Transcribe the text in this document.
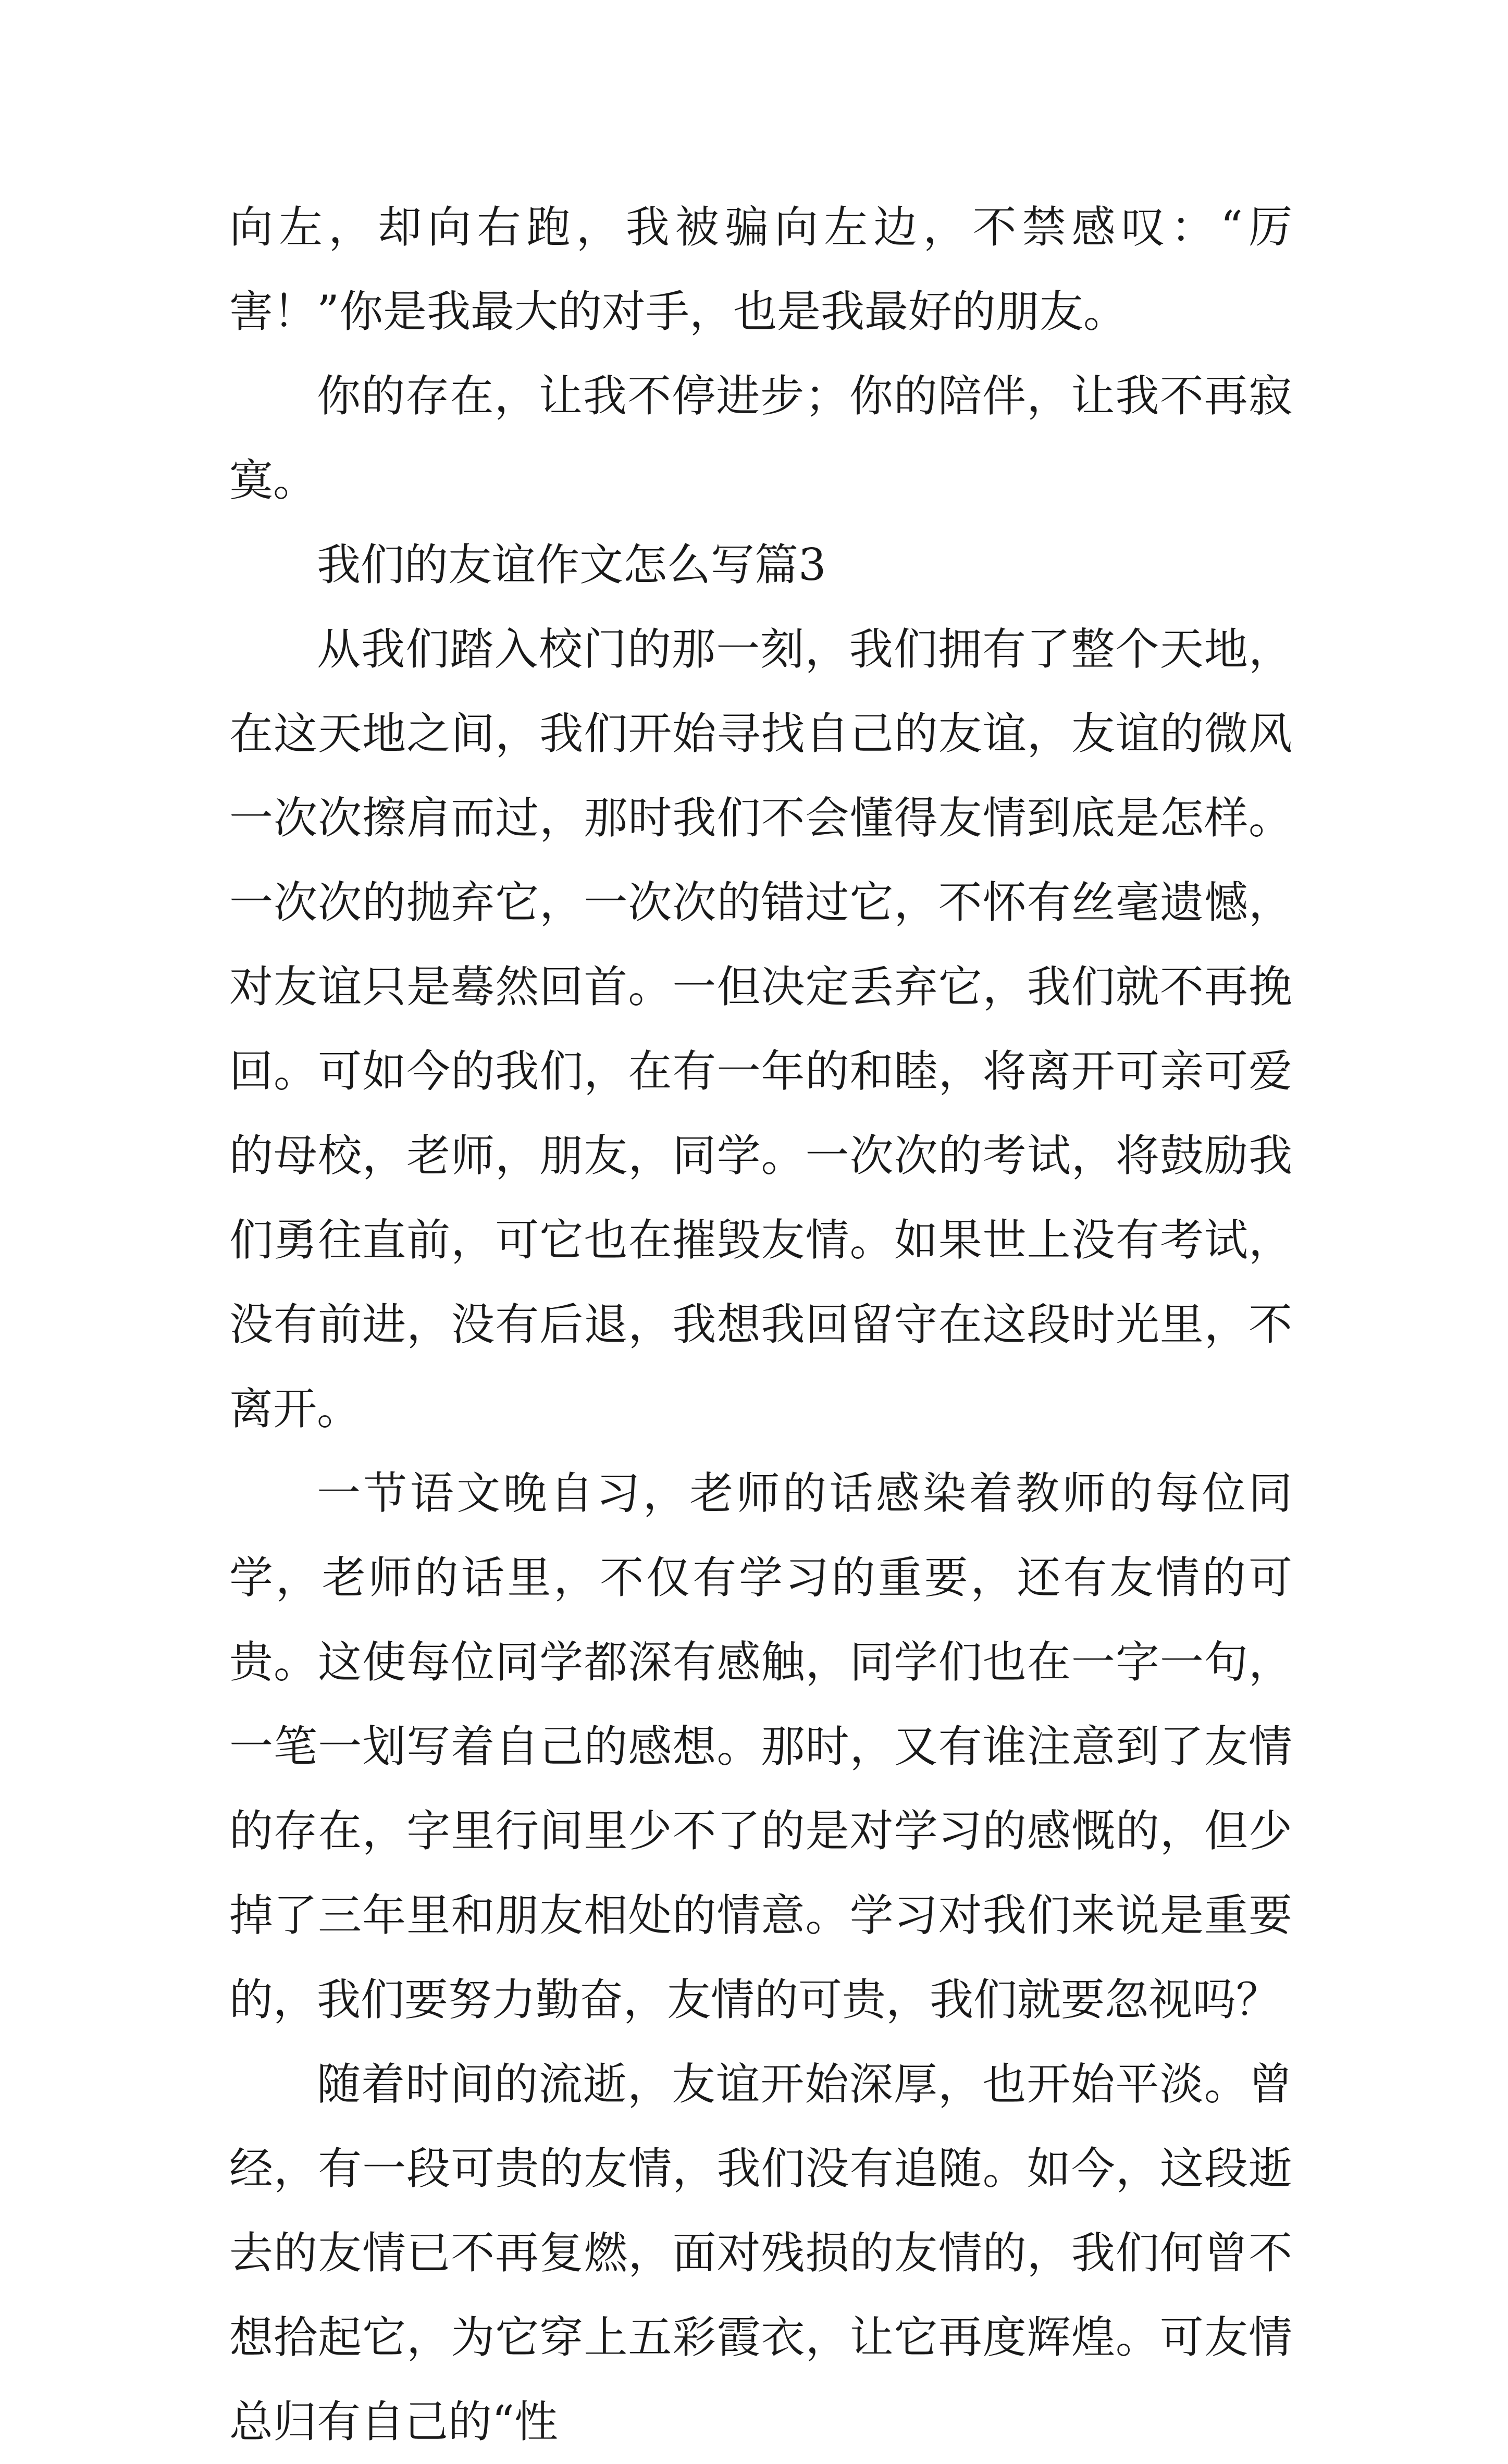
向左，却向右跑，我被骗向左边，不禁感叹：“厉害！”你是我最大的对手，也是我最好的朋友。

你的存在，让我不停进步；你的陪伴，让我不再寂寞。

我们的友谊作文怎么写篇3

从我们踏入校门的那一刻，我们拥有了整个天地，在这天地之间，我们开始寻找自己的友谊，友谊的微风一次次擦肩而过，那时我们不会懂得友情到底是怎样。一次次的抛弃它，一次次的错过它，不怀有丝毫遗憾，对友谊只是蓦然回首。一但决定丢弃它，我们就不再挽回。可如今的我们，在有一年的和睦，将离开可亲可爱的母校，老师，朋友，同学。一次次的考试，将鼓励我们勇往直前，可它也在摧毁友情。如果世上没有考试，没有前进，没有后退，我想我回留守在这段时光里，不离开。

一节语文晚自习，老师的话感染着教师的每位同学，老师的话里，不仅有学习的重要，还有友情的可贵。这使每位同学都深有感触，同学们也在一字一句，一笔一划写着自己的感想。那时，又有谁注意到了友情的存在，字里行间里少不了的是对学习的感慨的，但少掉了三年里和朋友相处的情意。学习对我们来说是重要的，我们要努力勤奋，友情的可贵，我们就要忽视吗？

随着时间的流逝，友谊开始深厚，也开始平淡。曾经，有一段可贵的友情，我们没有追随。如今，这段逝去的友情已不再复燃，面对残损的友情的，我们何曾不想拾起它，为它穿上五彩霞衣，让它再度辉煌。可友情总归有自己的“性
